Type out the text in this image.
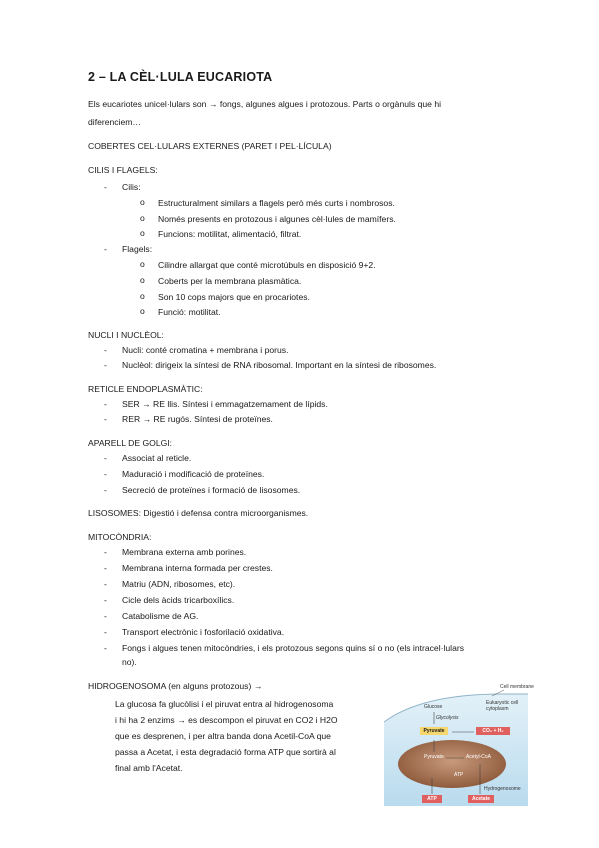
2 – LA CÈL·LULA EUCARIOTA
Els eucariotes unicel·lulars son → fongs, algunes algues i protozous. Parts o orgànuls que hi
diferenciem…
COBERTES CEL·LULARS EXTERNES (PARET I PEL·LÍCULA)
CILIS I FLAGELS:
- Cilis:
o Estructuralment similars a flagels però més curts i nombrosos.
o Només presents en protozous i algunes cèl·lules de mamífers.
o Funcions: motilitat, alimentació, filtrat.
- Flagels:
o Cilindre allargat que conté microtúbuls en disposició 9+2.
o Coberts per la membrana plasmàtica.
o Son 10 cops majors que en procariotes.
o Funció: motilitat.
NUCLI I NUCLÈOL:
- Nucli: conté cromatina + membrana i porus.
- Nuclèol: dirigeix la síntesi de RNA ribosomal. Important en la síntesi de ribosomes.
RETICLE ENDOPLASMÀTIC:
- SER → RE llis. Síntesi i emmagatzemament de lípids.
- RER → RE rugós. Síntesi de proteïnes.
APARELL DE GOLGI:
- Associat al reticle.
- Maduració i modificació de proteïnes.
- Secreció de proteïnes i formació de lisosomes.
LISOSOMES: Digestió i defensa contra microorganismes.
MITOCÒNDRIA:
- Membrana externa amb porines.
- Membrana interna formada per crestes.
- Matriu (ADN, ribosomes, etc).
- Cicle dels àcids tricarboxílics.
- Catabolisme de AG.
- Transport electrònic i fosforilació oxidativa.
- Fongs i algues tenen mitocòndries, i els protozous segons quins sí o no (els intracel·lulars
no).
HIDROGENOSOMA (en alguns protozous) →
La glucosa fa glucòlisi i el piruvat entra al hidrogenosoma
i hi ha 2 enzims → es descompon el piruvat en CO2 i H2O
que es desprenen, i per altra banda dona Acetil-CoA que
passa a Acetat, i esta degradació forma ATP que sortirà al
final amb l'Acetat.
Cell membrane
Eukaryotic cell cytoplasm
Glucose
Glycolysis
Pyruvate	CO₂ + H₂
Pyruvate	Acetyl-CoA
ATP
Hydrogenosome
ATP	Acetate
